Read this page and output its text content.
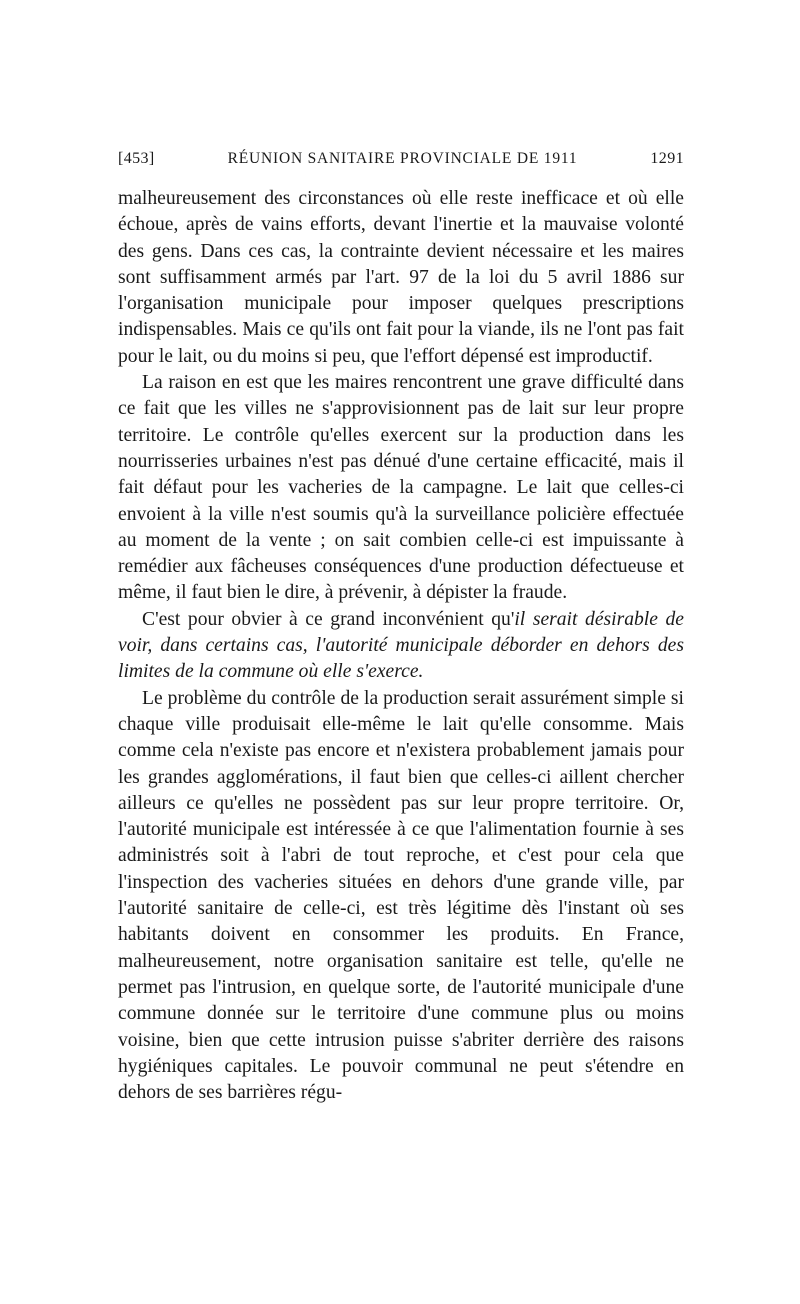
[453]	RÉUNION SANITAIRE PROVINCIALE DE 1911	1291

malheureusement des circonstances où elle reste inefficace et où elle échoue, après de vains efforts, devant l'inertie et la mauvaise volonté des gens. Dans ces cas, la contrainte devient nécessaire et les maires sont suffisamment armés par l'art. 97 de la loi du 5 avril 1886 sur l'organisation municipale pour imposer quelques prescriptions indispensables. Mais ce qu'ils ont fait pour la viande, ils ne l'ont pas fait pour le lait, ou du moins si peu, que l'effort dépensé est improductif.

La raison en est que les maires rencontrent une grave difficulté dans ce fait que les villes ne s'approvisionnent pas de lait sur leur propre territoire. Le contrôle qu'elles exercent sur la production dans les nourrisseries urbaines n'est pas dénué d'une certaine efficacité, mais il fait défaut pour les vacheries de la campagne. Le lait que celles-ci envoient à la ville n'est soumis qu'à la surveillance policière effectuée au moment de la vente ; on sait combien celle-ci est impuissante à remédier aux fâcheuses conséquences d'une production défectueuse et même, il faut bien le dire, à prévenir, à dépister la fraude.

C'est pour obvier à ce grand inconvénient qu'il serait désirable de voir, dans certains cas, l'autorité municipale déborder en dehors des limites de la commune où elle s'exerce.

Le problème du contrôle de la production serait assurément simple si chaque ville produisait elle-même le lait qu'elle consomme. Mais comme cela n'existe pas encore et n'existera probablement jamais pour les grandes agglomérations, il faut bien que celles-ci aillent chercher ailleurs ce qu'elles ne possèdent pas sur leur propre territoire. Or, l'autorité municipale est intéressée à ce que l'alimentation fournie à ses administrés soit à l'abri de tout reproche, et c'est pour cela que l'inspection des vacheries situées en dehors d'une grande ville, par l'autorité sanitaire de celle-ci, est très légitime dès l'instant où ses habitants doivent en consommer les produits. En France, malheureusement, notre organisation sanitaire est telle, qu'elle ne permet pas l'intrusion, en quelque sorte, de l'autorité municipale d'une commune donnée sur le territoire d'une commune plus ou moins voisine, bien que cette intrusion puisse s'abriter derrière des raisons hygiéniques capitales. Le pouvoir communal ne peut s'étendre en dehors de ses barrières régu-
